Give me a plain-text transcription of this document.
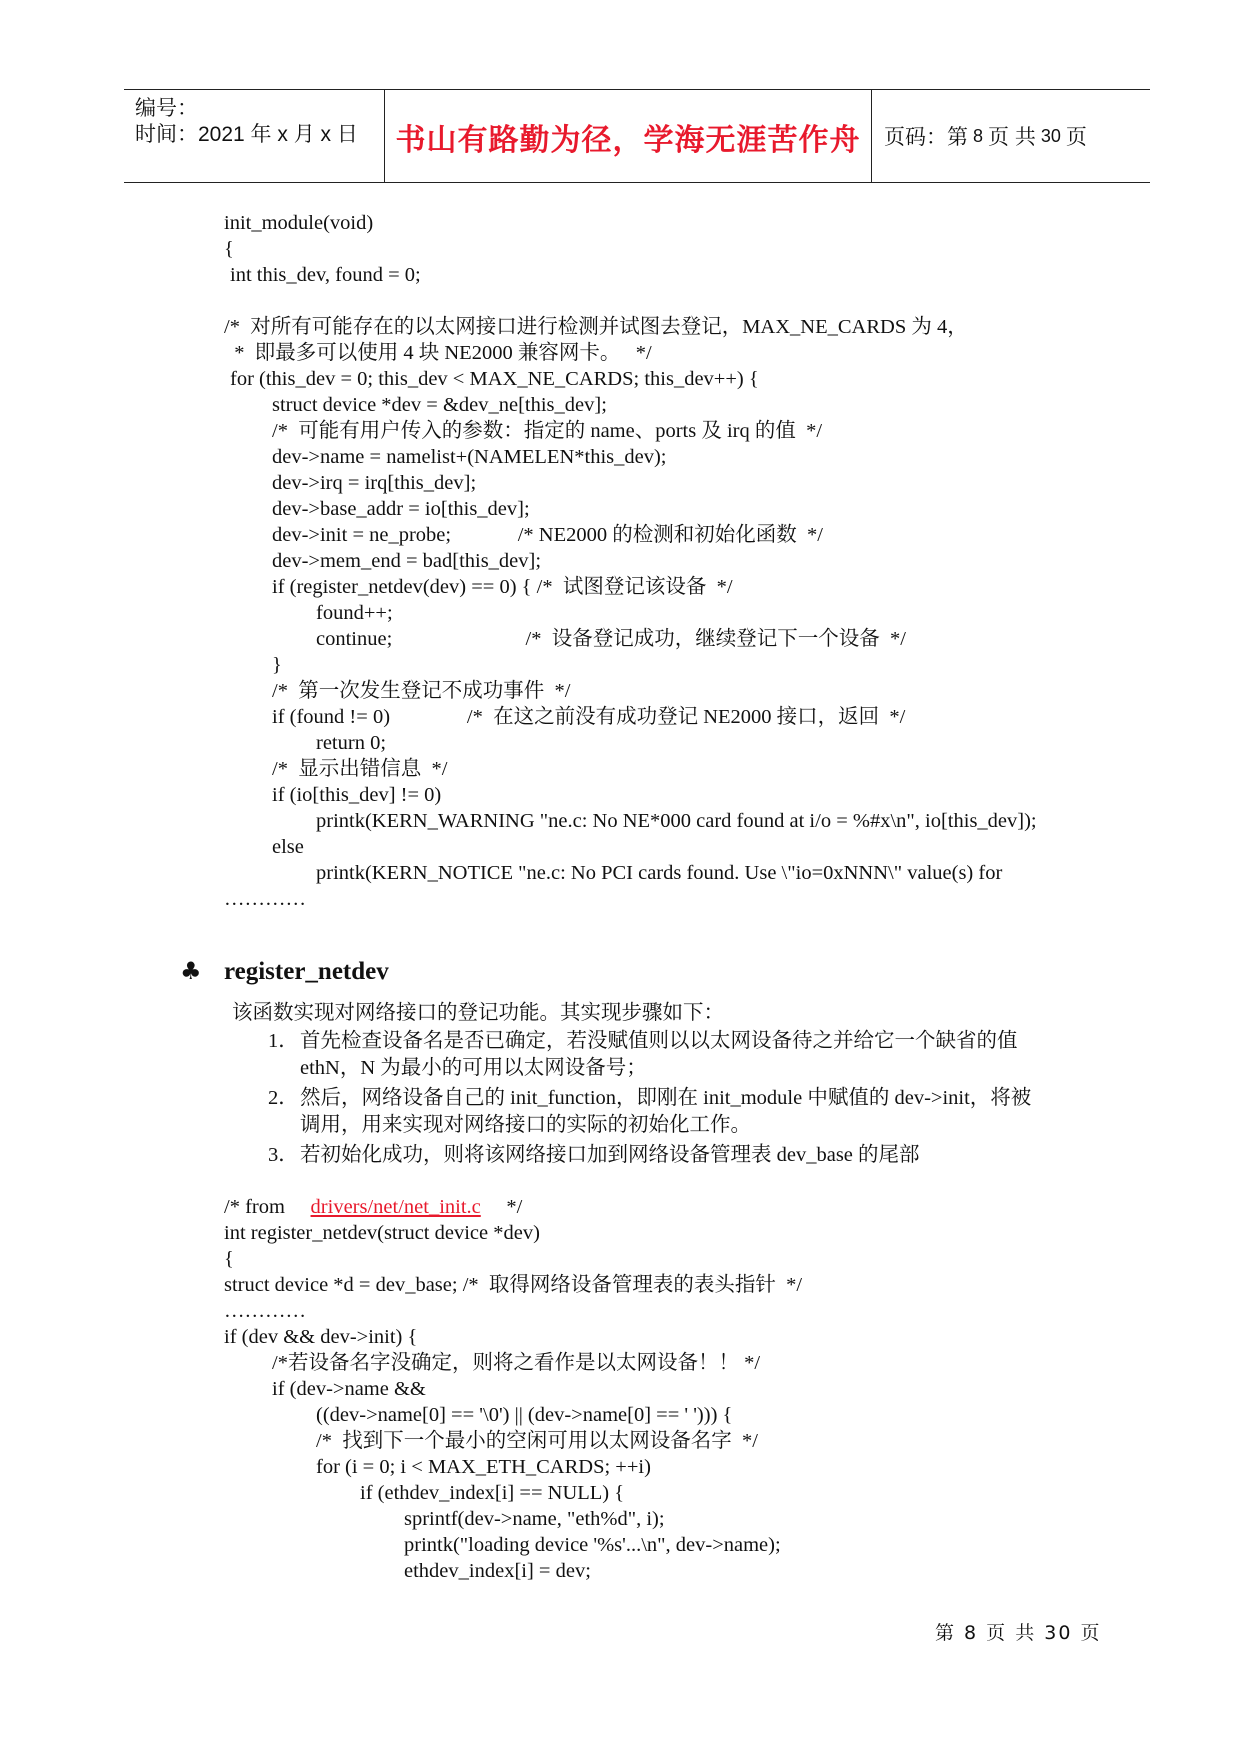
编号：
时间：2021 年 x 月 x 日 书山有路勤为径，学海无涯苦作舟 页码：第 8 页 共 30 页
init_module(void)
{
int this_dev, found = 0;
/*  对所有可能存在的以太网接口进行检测并试图去登记，MAX_NE_CARDS 为 4，
*  即最多可以使用 4 块 NE2000 兼容网卡。   */
for (this_dev = 0; this_dev < MAX_NE_CARDS; this_dev++) {
struct device *dev = &dev_ne[this_dev];
/*  可能有用户传入的参数：指定的 name、ports 及 irq 的值  */
dev->name = namelist+(NAMELEN*this_dev);
dev->irq = irq[this_dev];
dev->base_addr = io[this_dev];
dev->init = ne_probe;             /* NE2000 的检测和初始化函数  */
dev->mem_end = bad[this_dev];
if (register_netdev(dev) == 0) { /*  试图登记该设备  */
found++;
continue;                          /*  设备登记成功，继续登记下一个设备  */
}
/*  第一次发生登记不成功事件  */
if (found != 0)               /*  在这之前没有成功登记 NE2000 接口，返回  */
return 0;
/*  显示出错信息  */
if (io[this_dev] != 0)
printk(KERN_WARNING "ne.c: No NE*000 card found at i/o = %#x\n", io[this_dev]);
else
printk(KERN_NOTICE "ne.c: No PCI cards found. Use \"io=0xNNN\" value(s) for
…………
♣ register_netdev
该函数实现对网络接口的登记功能。其实现步骤如下：
1． 首先检查设备名是否已确定，若没赋值则以以太网设备待之并给它一个缺省的值
ethN，N 为最小的可用以太网设备号；
2． 然后，网络设备自己的 init_function，即刚在 init_module 中赋值的 dev->init，将被
调用，用来实现对网络接口的实际的初始化工作。
3． 若初始化成功，则将该网络接口加到网络设备管理表 dev_base 的尾部
/* from     drivers/net/net_init.c     */
int register_netdev(struct device *dev)
{
struct device *d = dev_base; /*  取得网络设备管理表的表头指针  */
…………
if (dev && dev->init) {
/*若设备名字没确定，则将之看作是以太网设备！！ */
if (dev->name &&
((dev->name[0] == '\0') || (dev->name[0] == ' '))) {
/*  找到下一个最小的空闲可用以太网设备名字  */
for (i = 0; i < MAX_ETH_CARDS; ++i)
if (ethdev_index[i] == NULL) {
sprintf(dev->name, "eth%d", i);
printk("loading device '%s'...\n", dev->name);
ethdev_index[i] = dev;
第 8 页 共 30 页
